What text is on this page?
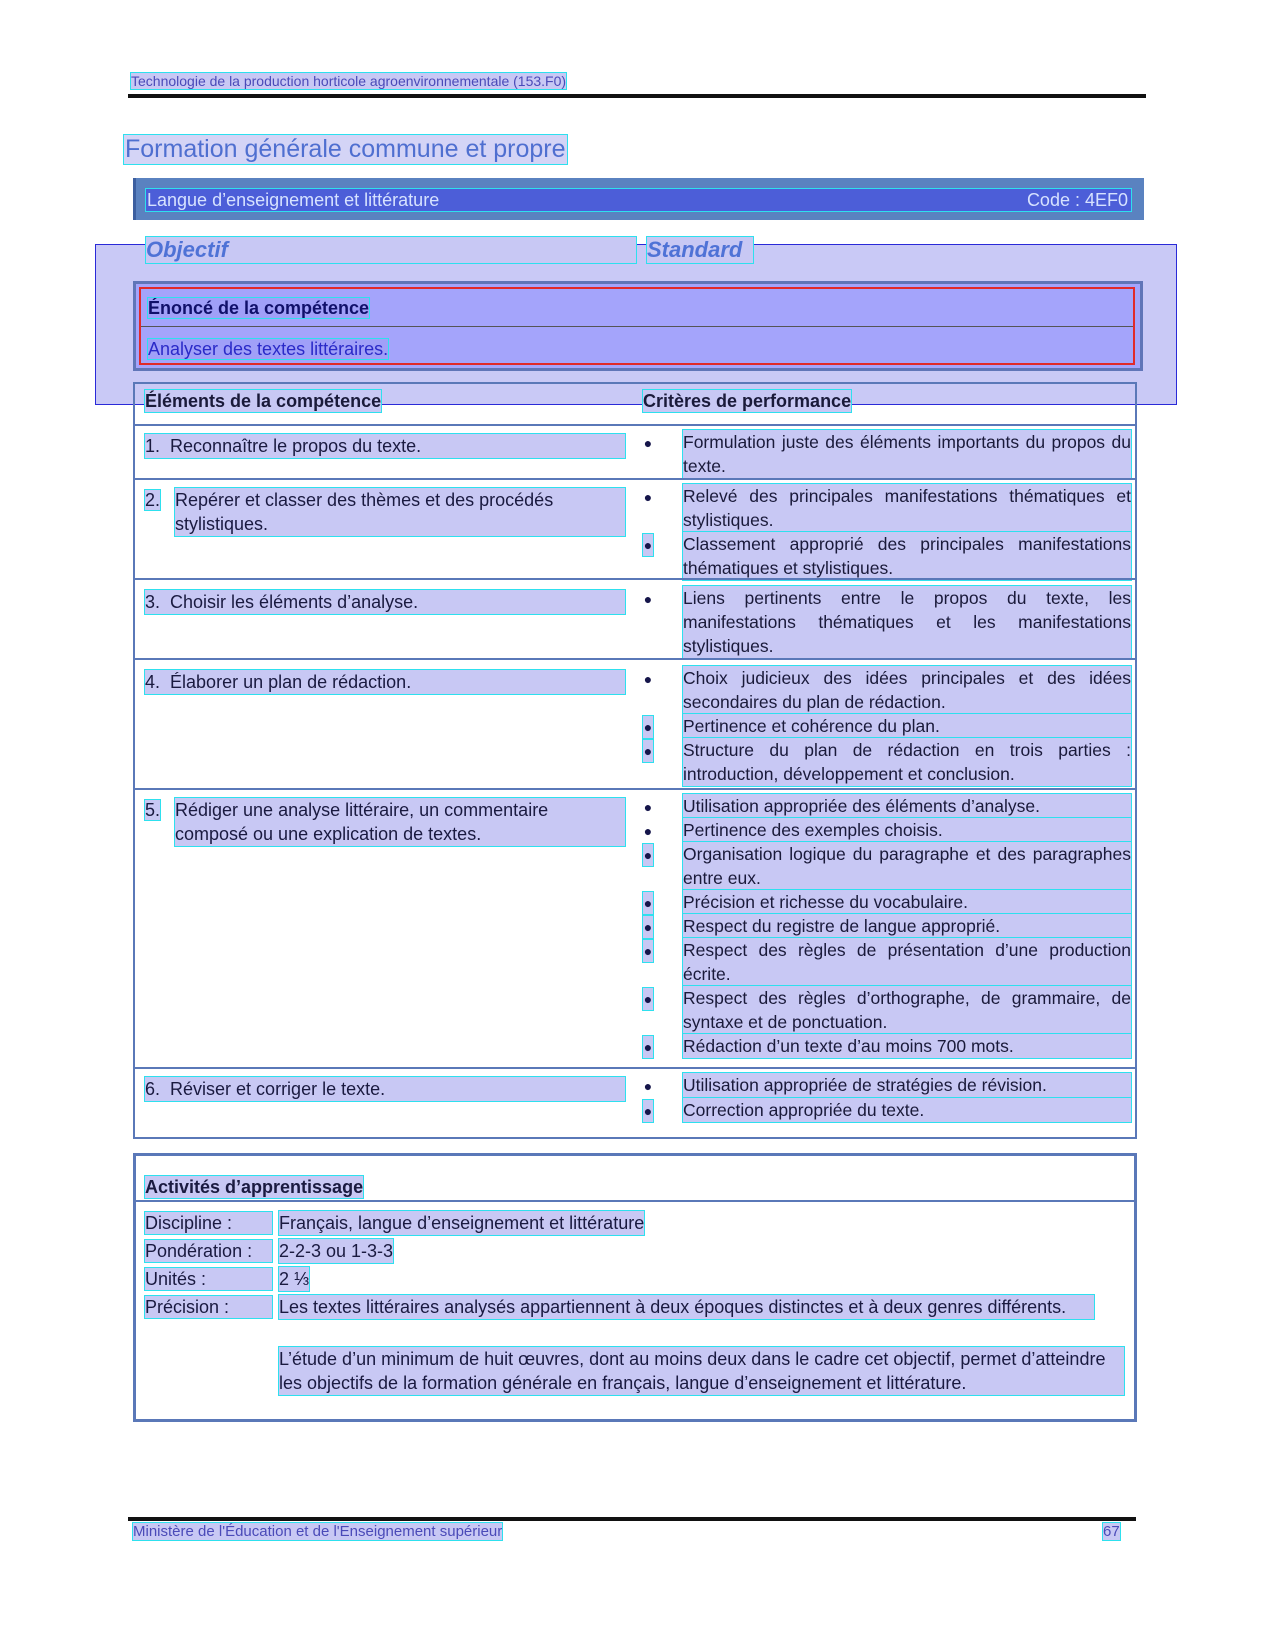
Technologie de la production horticole agroenvironnementale (153.F0)
Formation générale commune et propre
Langue d’enseignement et littérature	Code : 4EF0
Objectif	Standard
Énoncé de la compétence
Analyser des textes littéraires.
Éléments de la compétence	Critères de performance
1. Reconnaître le propos du texte.	● Formulation juste des éléments importants du propos du texte.
2. Repérer et classer des thèmes et des procédés stylistiques.
● Relevé des principales manifestations thématiques et stylistiques.
● Classement approprié des principales manifestations thématiques et stylistiques.
3. Choisir les éléments d’analyse.	● Liens pertinents entre le propos du texte, les manifestations thématiques et les manifestations stylistiques.
4. Élaborer un plan de rédaction.	● Choix judicieux des idées principales et des idées secondaires du plan de rédaction.
● Pertinence et cohérence du plan.
● Structure du plan de rédaction en trois parties : introduction, développement et conclusion.
5. Rédiger une analyse littéraire, un commentaire composé ou une explication de textes.
● Utilisation appropriée des éléments d’analyse.
● Pertinence des exemples choisis.
● Organisation logique du paragraphe et des paragraphes entre eux.
● Précision et richesse du vocabulaire.
● Respect du registre de langue approprié.
● Respect des règles de présentation d’une production écrite.
● Respect des règles d’orthographe, de grammaire, de syntaxe et de ponctuation.
● Rédaction d’un texte d’au moins 700 mots.
6. Réviser et corriger le texte.	● Utilisation appropriée de stratégies de révision.
● Correction appropriée du texte.
Activités d’apprentissage
Discipline :	Français, langue d’enseignement et littérature
Pondération :	2-2-3 ou 1-3-3
Unités :	2 ⅓
Précision :	Les textes littéraires analysés appartiennent à deux époques distinctes et à deux genres différents.
L’étude d’un minimum de huit œuvres, dont au moins deux dans le cadre cet objectif, permet d’atteindre les objectifs de la formation générale en français, langue d’enseignement et littérature.
Ministère de l'Éducation et de l'Enseignement supérieur	67
